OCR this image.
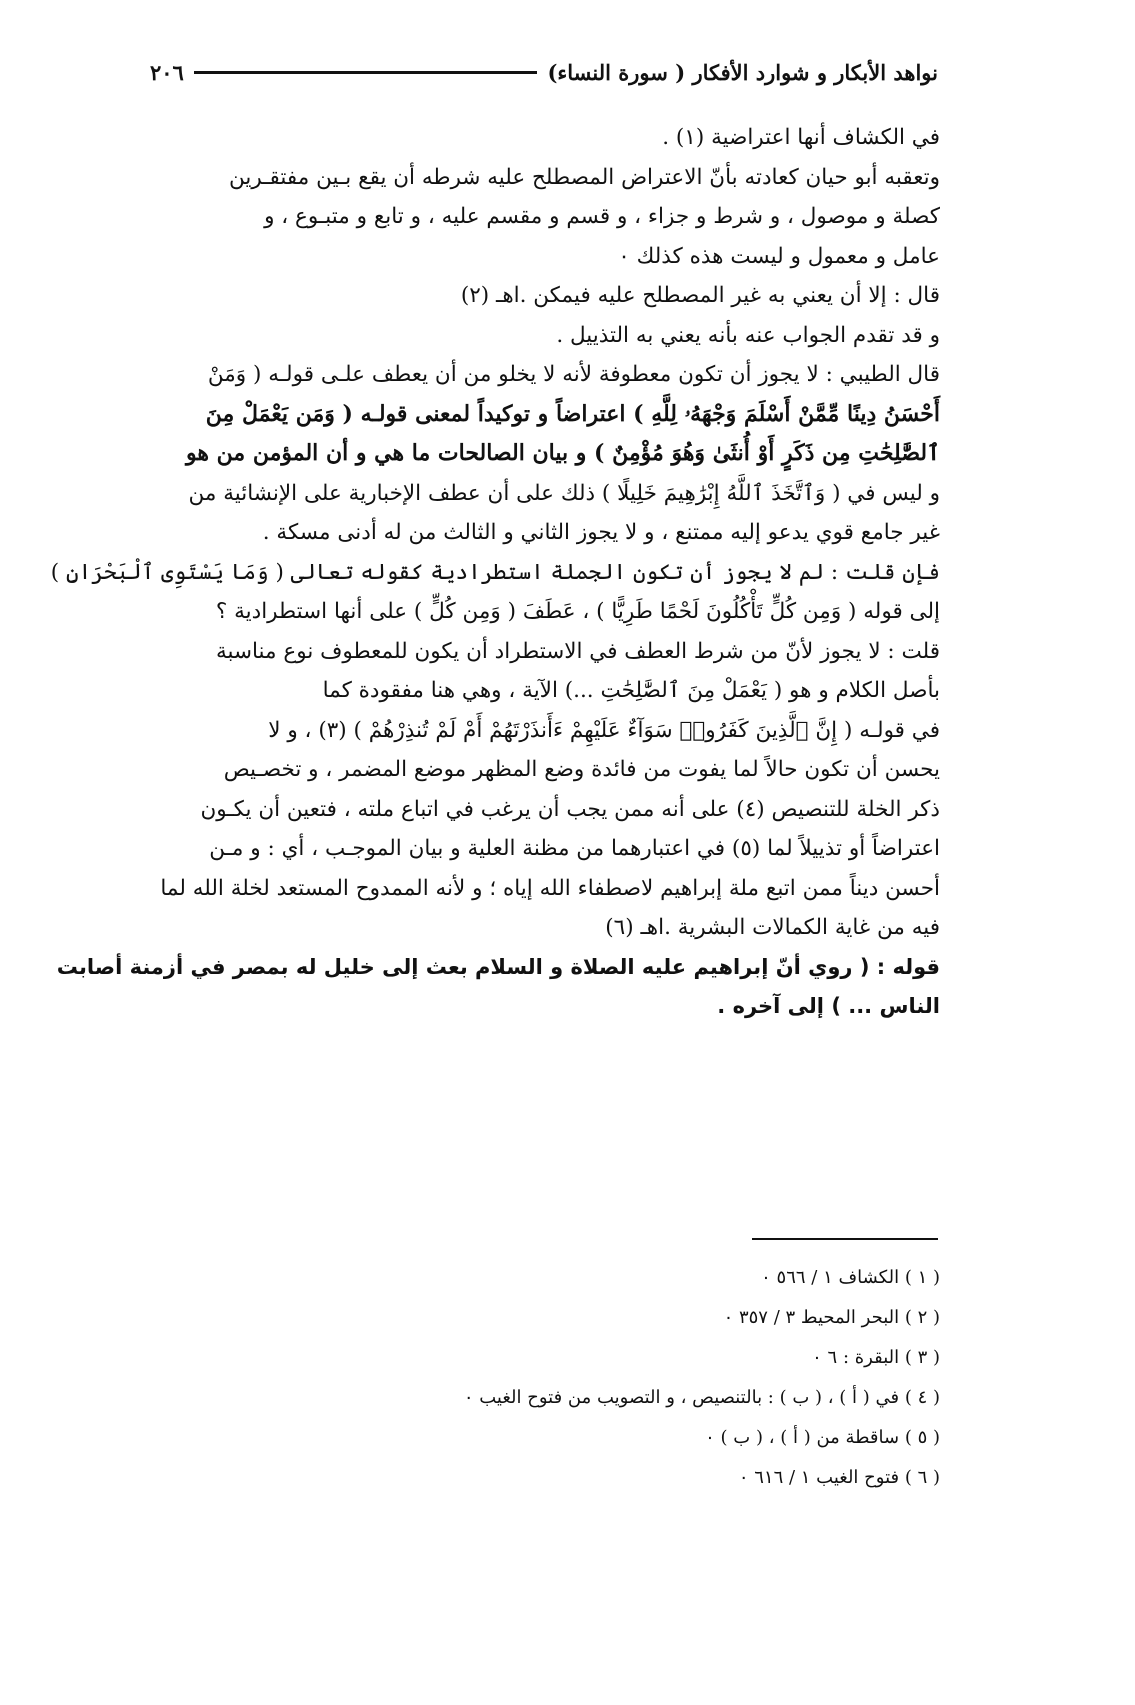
نواهد الأبكار و شوارد الأفكار ( سورة النساء)
٢٠٦
في الكشاف أنها اعتراضية (١) .
وتعقبه أبو حيان كعادته بأنّ الاعتراض المصطلح عليه شرطه أن يقع بـين مفتقـرين
كصلة و موصول ، و شرط و جزاء ، و قسم و مقسم عليه ، و تابع و متبـوع ، و
عامل و معمول و ليست هذه كذلك ٠
قال : إلا أن يعني به غير المصطلح عليه فيمكن .اهـ (٢)
و قد تقدم الجواب عنه بأنه يعني به التذييل .
قال الطيبي : لا يجوز أن تكون معطوفة لأنه لا يخلو من أن يعطف علـى قولـه ( وَمَنْ
أَحْسَنُ دِينًا مِّمَّنْ أَسْلَمَ وَجْهَهُۥ لِلَّهِ ) اعتراضاً و توكيداً لمعنى قولـه ( وَمَن يَعْمَلْ مِنَ
ٱلصَّٰلِحَٰتِ مِن ذَكَرٍ أَوْ أُنثَىٰ وَهُوَ مُؤْمِنٌ ) و بيان الصالحات ما هي و أن المؤمن من هو
و ليس في ( وَٱتَّخَذَ ٱللَّهُ إِبْرَٰهِيمَ خَلِيلًا ) ذلك على أن عطف الإخبارية على الإنشائية من
غير جامع قوي يدعو إليه ممتنع ، و لا يجوز الثاني و الثالث من له أدنى مسكة .
فإن قلت : لم لا يجوز أن تكون الجملة استطرادية كقوله تعالى ( وَمَا يَسْتَوِى ٱلْبَحْرَانِ )
إلى قوله ( وَمِن كُلٍّ تَأْكُلُونَ لَحْمًا طَرِيًّا ) ، عَطَفَ ( وَمِن كُلٍّ ) على أنها استطرادية ؟
قلت : لا يجوز لأنّ من شرط العطف في الاستطراد أن يكون للمعطوف نوع مناسبة
بأصل الكلام و هو ( يَعْمَلْ مِنَ ٱلصَّٰلِحَٰتِ ...) الآية ، وهي هنا مفقودة كما
في قولـه ( إِنَّ ٱلَّذِينَ كَفَرُوا۟ سَوَآءٌ عَلَيْهِمْ ءَأَنذَرْتَهُمْ أَمْ لَمْ تُنذِرْهُمْ ) (٣) ، و لا
يحسن أن تكون حالاً لما يفوت من فائدة وضع المظهر موضع المضمر ، و تخصـيص
ذكر الخلة للتنصيص (٤) على أنه ممن يجب أن يرغب في اتباع ملته ، فتعين أن يكـون
اعتراضاً أو تذييلاً لما (٥) في اعتبارهما من مظنة العلية و بيان الموجـب ، أي : و مـن
أحسن ديناً ممن اتبع ملة إبراهيم لاصطفاء الله إياه ؛ و لأنه الممدوح المستعد لخلة الله لما
فيه من غاية الكمالات البشرية .اهـ (٦)
قوله : ( روي أنّ إبراهيم عليه الصلاة و السلام بعث إلى خليل له بمصر في أزمنة أصابت
الناس ... ) إلى آخره .
( ١ ) الكشاف ١ / ٥٦٦ ٠
( ٢ ) البحر المحيط ٣ / ٣٥٧ ٠
( ٣ ) البقرة : ٦ ٠
( ٤ ) في ( أ ) ، ( ب ) : بالتنصيص ، و التصويب من فتوح الغيب ٠
( ٥ ) ساقطة من ( أ ) ، ( ب ) ٠
( ٦ ) فتوح الغيب ١ / ٦١٦ ٠
